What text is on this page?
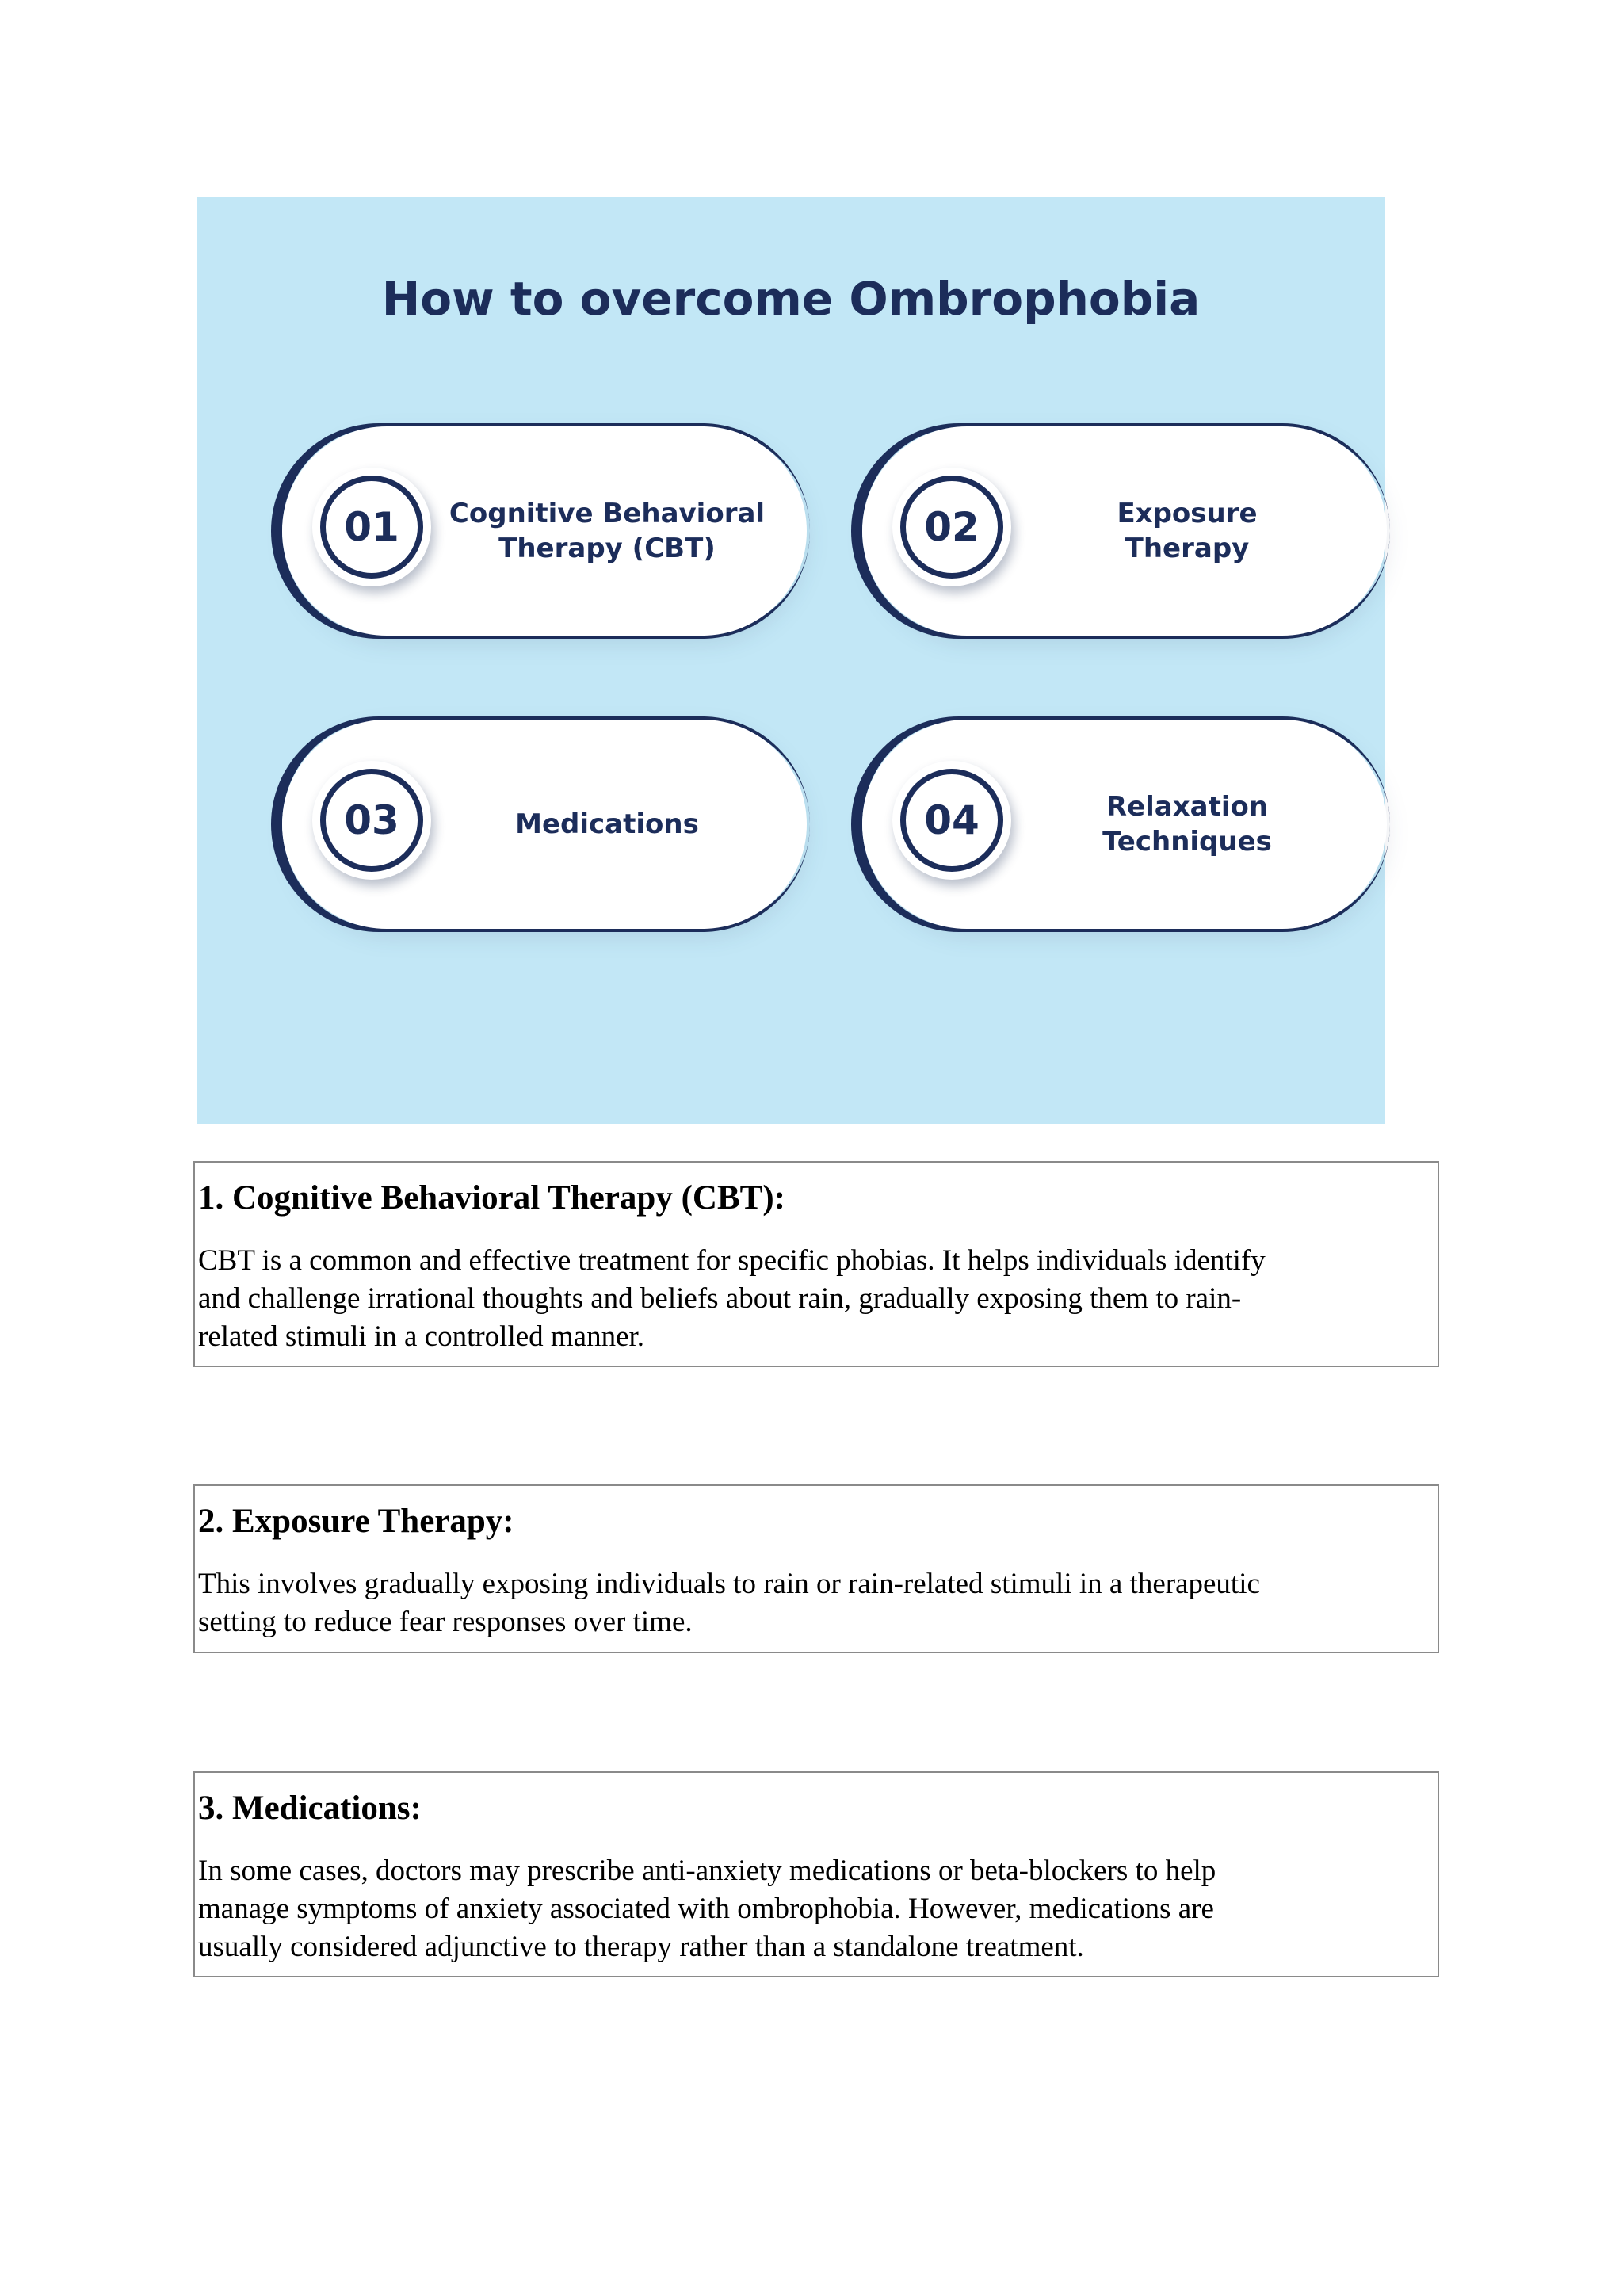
How to overcome Ombrophobia
01	Cognitive Behavioral
Therapy (CBT)	02	Exposure
Therapy
03	Medications	04	Relaxation
Techniques
1. Cognitive Behavioral Therapy (CBT):

CBT is a common and effective treatment for specific phobias. It helps individuals identify
and challenge irrational thoughts and beliefs about rain, gradually exposing them to rain-
related stimuli in a controlled manner.

2. Exposure Therapy:

This involves gradually exposing individuals to rain or rain-related stimuli in a therapeutic
setting to reduce fear responses over time.

3. Medications:

In some cases, doctors may prescribe anti-anxiety medications or beta-blockers to help
manage symptoms of anxiety associated with ombrophobia. However, medications are
usually considered adjunctive to therapy rather than a standalone treatment.
